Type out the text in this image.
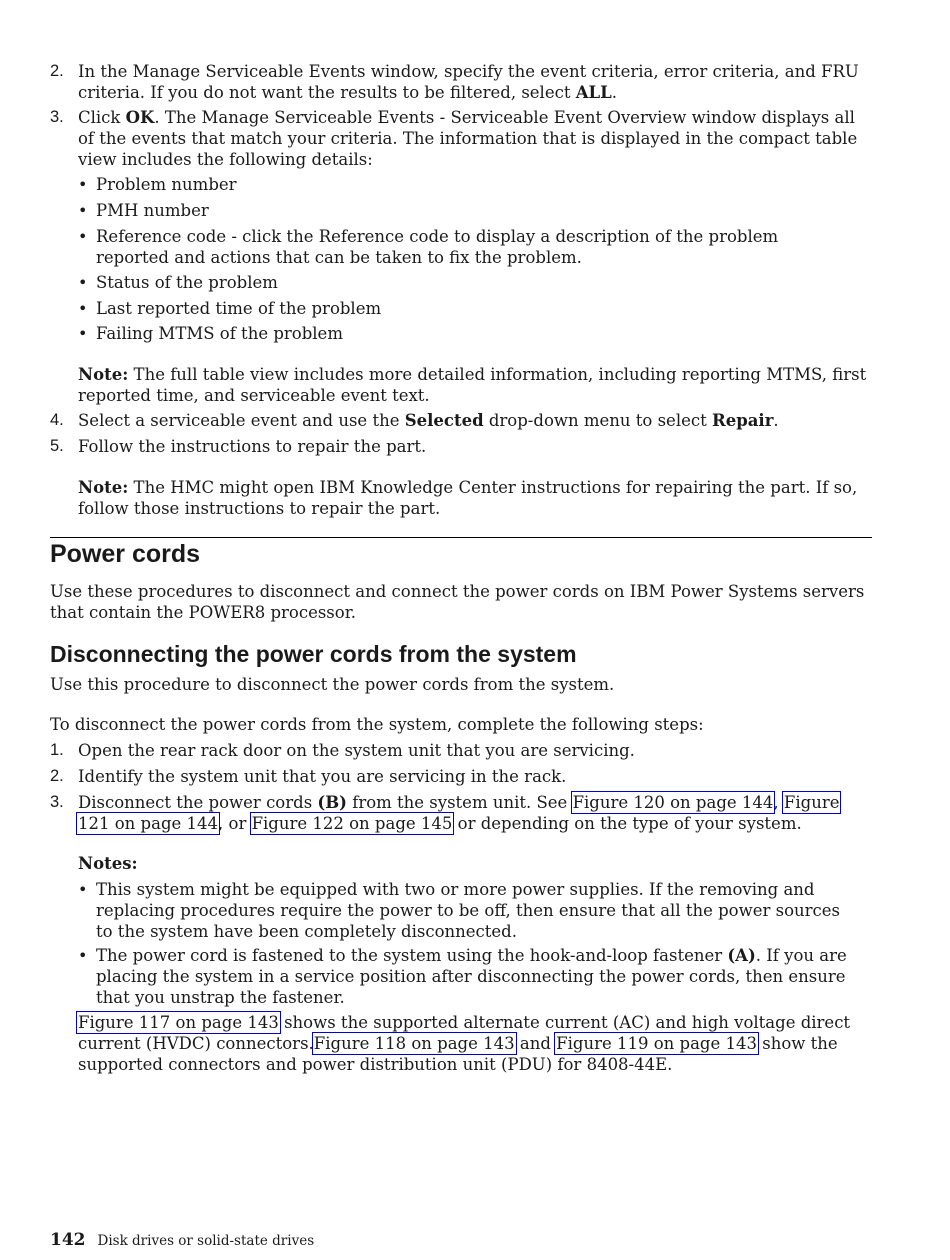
2. In the Manage Serviceable Events window, specify the event criteria, error criteria, and FRU criteria. If you do not want the results to be filtered, select ALL.

3. Click OK. The Manage Serviceable Events - Serviceable Event Overview window displays all of the events that match your criteria. The information that is displayed in the compact table view includes the following details:

• Problem number

• PMH number

• Reference code - click the Reference code to display a description of the problem reported and actions that can be taken to fix the problem.

• Status of the problem

• Last reported time of the problem

• Failing MTMS of the problem

Note: The full table view includes more detailed information, including reporting MTMS, first reported time, and serviceable event text.

4. Select a serviceable event and use the Selected drop-down menu to select Repair.

5. Follow the instructions to repair the part.

Note: The HMC might open IBM Knowledge Center instructions for repairing the part. If so, follow those instructions to repair the part.

Power cords

Use these procedures to disconnect and connect the power cords on IBM Power Systems servers that contain the POWER8 processor.

Disconnecting the power cords from the system

Use this procedure to disconnect the power cords from the system.

To disconnect the power cords from the system, complete the following steps:

1. Open the rear rack door on the system unit that you are servicing.

2. Identify the system unit that you are servicing in the rack.

3. Disconnect the power cords (B) from the system unit. See Figure 120 on page 144, Figure 121 on page 144, or Figure 122 on page 145 or depending on the type of your system.

Notes:

• This system might be equipped with two or more power supplies. If the removing and replacing procedures require the power to be off, then ensure that all the power sources to the system have been completely disconnected.

• The power cord is fastened to the system using the hook-and-loop fastener (A). If you are placing the system in a service position after disconnecting the power cords, then ensure that you unstrap the fastener.

Figure 117 on page 143 shows the supported alternate current (AC) and high voltage direct current (HVDC) connectors.Figure 118 on page 143 and Figure 119 on page 143 show the supported connectors and power distribution unit (PDU) for 8408-44E.

142 Disk drives or solid-state drives
